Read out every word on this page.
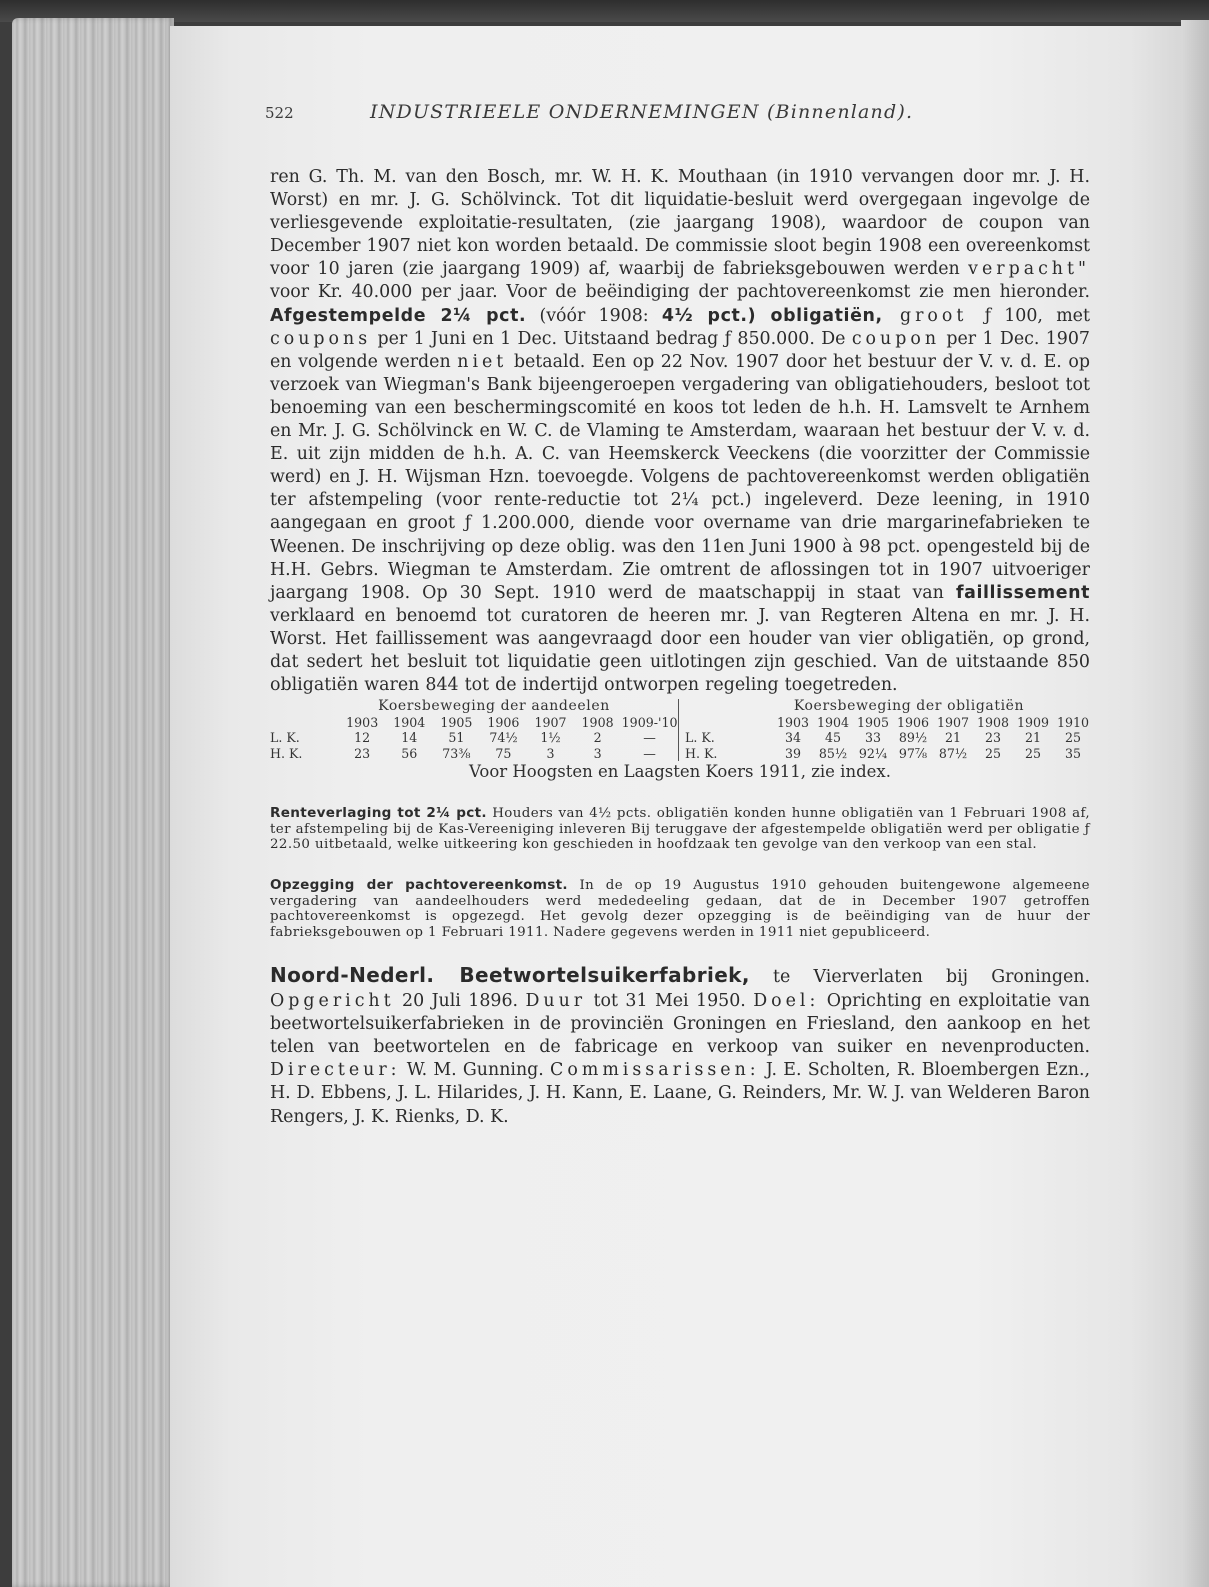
522	INDUSTRIEELE ONDERNEMINGEN (Binnenland).
ren G. Th. M. van den Bosch, mr. W. H. K. Mouthaan (in 1910 vervangen door mr. J. H. Worst) en mr. J. G. Schölvinck. Tot dit liquidatie-besluit werd overgegaan ingevolge de verliesgevende exploitatie-resultaten, (zie jaargang 1908), waardoor de coupon van December 1907 niet kon worden betaald. De commissie sloot begin 1908 een overeenkomst voor 10 jaren (zie jaargang 1909) af, waarbij de fabrieksgebouwen werden verpacht" voor Kr. 40.000 per jaar. Voor de beëindiging der pachtovereenkomst zie men hieronder. Afgestempelde 2¼ pct. (vóór 1908: 4½ pct.) obligatiën, groot ƒ 100, met coupons per 1 Juni en 1 Dec. Uitstaand bedrag ƒ 850.000. De coupon per 1 Dec. 1907 en volgende werden niet betaald. Een op 22 Nov. 1907 door het bestuur der V. v. d. E. op verzoek van Wiegman's Bank bijeengeroepen vergadering van obligatiehouders, besloot tot benoeming van een beschermingscomité en koos tot leden de h.h. H. Lamsvelt te Arnhem en Mr. J. G. Schölvinck en W. C. de Vlaming te Amsterdam, waaraan het bestuur der V. v. d. E. uit zijn midden de h.h. A. C. van Heemskerck Veeckens (die voorzitter der Commissie werd) en J. H. Wijsman Hzn. toevoegde. Volgens de pachtovereenkomst werden obligatiën ter afstempeling (voor rente-reductie tot 2¼ pct.) ingeleverd. Deze leening, in 1910 aangegaan en groot ƒ 1.200.000, diende voor overname van drie margarinefabrieken te Weenen. De inschrijving op deze oblig. was den 11en Juni 1900 à 98 pct. opengesteld bij de H.H. Gebrs. Wiegman te Amsterdam. Zie omtrent de aflossingen tot in 1907 uitvoeriger jaargang 1908. Op 30 Sept. 1910 werd de maatschappij in staat van faillissement verklaard en benoemd tot curatoren de heeren mr. J. van Regteren Altena en mr. J. H. Worst. Het faillissement was aangevraagd door een houder van vier obligatiën, op grond, dat sedert het besluit tot liquidatie geen uitlotingen zijn geschied. Van de uitstaande 850 obligatiën waren 844 tot de indertijd ontworpen regeling toegetreden.
Koersbeweging der aandeelen
1903	1904	1905	1906	1907	1908 1909-'10
L. K.	12	14	51	74½	1½	2	—
H. K.	23	56	73⅜	75	3	3	—
Koersbeweging der obligatiën
1903 1904 1905 1906 1907 1908 1909 1910
L. K.	34	45	33	89½	21	23	21	25
H. K.	39	85½ 92¼ 97⅞ 87½	25	25	35
Voor Hoogsten en Laagsten Koers 1911, zie index.
Renteverlaging tot 2¼ pct. Houders van 4½ pcts. obligatiën konden hunne obligatiën van 1 Februari 1908 af, ter afstempeling bij de Kas-Vereeniging inleveren Bij teruggave der afgestempelde obligatiën werd per obligatie ƒ 22.50 uitbetaald, welke uitkeering kon geschieden in hoofdzaak ten gevolge van den verkoop van een stal.
Opzegging der pachtovereenkomst. In de op 19 Augustus 1910 gehouden buitengewone algemeene vergadering van aandeelhouders werd mededeeling gedaan, dat de in December 1907 getroffen pachtovereenkomst is opgezegd. Het gevolg dezer opzegging is de beëindiging van de huur der fabrieksgebouwen op 1 Februari 1911. Nadere gegevens werden in 1911 niet gepubliceerd.
Noord-Nederl. Beetwortelsuikerfabriek, te Vierverlaten bij Groningen. Opgericht 20 Juli 1896. Duur tot 31 Mei 1950. Doel: Oprichting en exploitatie van beetwortelsuikerfabrieken in de provinciën Groningen en Friesland, den aankoop en het telen van beetwortelen en de fabricage en verkoop van suiker en nevenproducten. Directeur: W. M. Gunning. Commissarissen: J. E. Scholten, R. Bloembergen Ezn., H. D. Ebbens, J. L. Hilarides, J. H. Kann, E. Laane, G. Reinders, Mr. W. J. van Welderen Baron Rengers, J. K. Rienks, D. K.
